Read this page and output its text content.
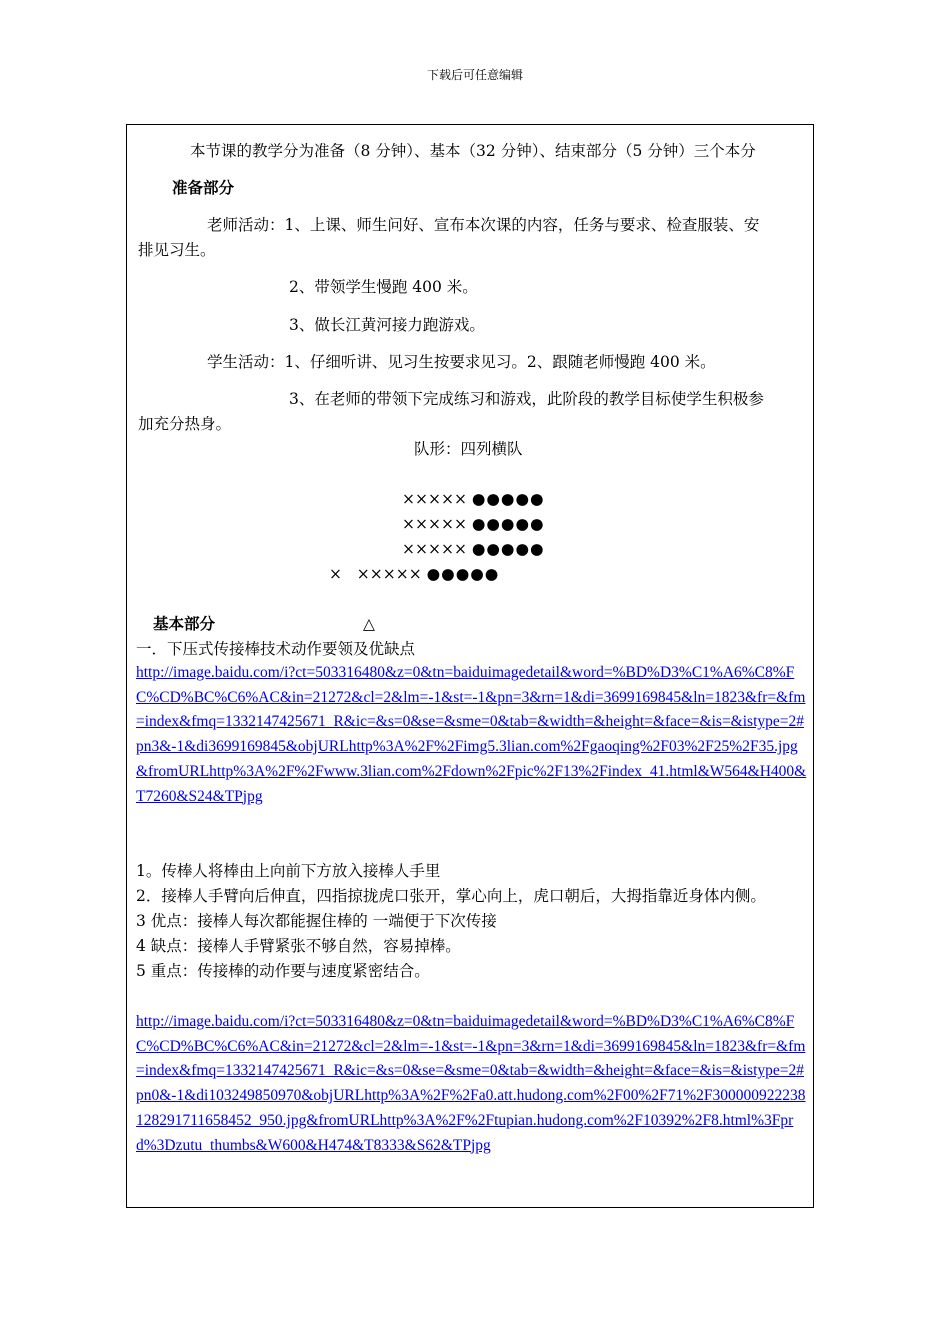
下载后可任意编辑
本节课的教学分为准备（8 分钟）、基本（32 分钟）、结束部分（5 分钟）三个本分
准备部分
老师活动：1、上课、师生问好、宣布本次课的内容，任务与要求、检查服装、安
排见习生。
2、带领学生慢跑 400 米。
3、做长江黄河接力跑游戏。
学生活动：1、仔细听讲、见习生按要求见习。2、跟随老师慢跑 400 米。
3、在老师的带领下完成练习和游戏，此阶段的教学目标使学生积极参
加充分热身。
队形：四列横队
××××× ●●●●●
××××× ●●●●●
××××× ●●●●●
× ××××× ●●●●●
基本部分	△
一．下压式传接棒技术动作要领及优缺点
http://image.baidu.com/i?ct=503316480&z=0&tn=baiduimagedetail&word=%BD%D3%C1%A6%C8%FC%CD%BC%C6%AC&in=21272&cl=2&lm=-1&st=-1&pn=3&rn=1&di=3699169845&ln=1823&fr=&fm=index&fmq=1332147425671_R&ic=&s=0&se=&sme=0&tab=&width=&height=&face=&is=&istype=2#pn3&-1&di3699169845&objURLhttp%3A%2F%2Fimg5.3lian.com%2Fgaoqing%2F03%2F25%2F35.jpg&fromURLhttp%3A%2F%2Fwww.3lian.com%2Fdown%2Fpic%2F13%2Findex_41.html&W564&H400&T7260&S24&TPjpg
1。传棒人将棒由上向前下方放入接棒人手里
2．接棒人手臂向后伸直，四指掠拢虎口张开，掌心向上，虎口朝后，大拇指靠近身体内侧。
3 优点：接棒人每次都能握住棒的 一端便于下次传接
4 缺点：接棒人手臂紧张不够自然，容易掉棒。
5 重点：传接棒的动作要与速度紧密结合。
http://image.baidu.com/i?ct=503316480&z=0&tn=baiduimagedetail&word=%BD%D3%C1%A6%C8%FC%CD%BC%C6%AC&in=21272&cl=2&lm=-1&st=-1&pn=3&rn=1&di=3699169845&ln=1823&fr=&fm=index&fmq=1332147425671_R&ic=&s=0&se=&sme=0&tab=&width=&height=&face=&is=&istype=2#pn0&-1&di103249850970&objURLhttp%3A%2F%2Fa0.att.hudong.com%2F00%2F71%2F300000922238128291711658452_950.jpg&fromURLhttp%3A%2F%2Ftupian.hudong.com%2F10392%2F8.html%3Fprd%3Dzutu_thumbs&W600&H474&T8333&S62&TPjpg
